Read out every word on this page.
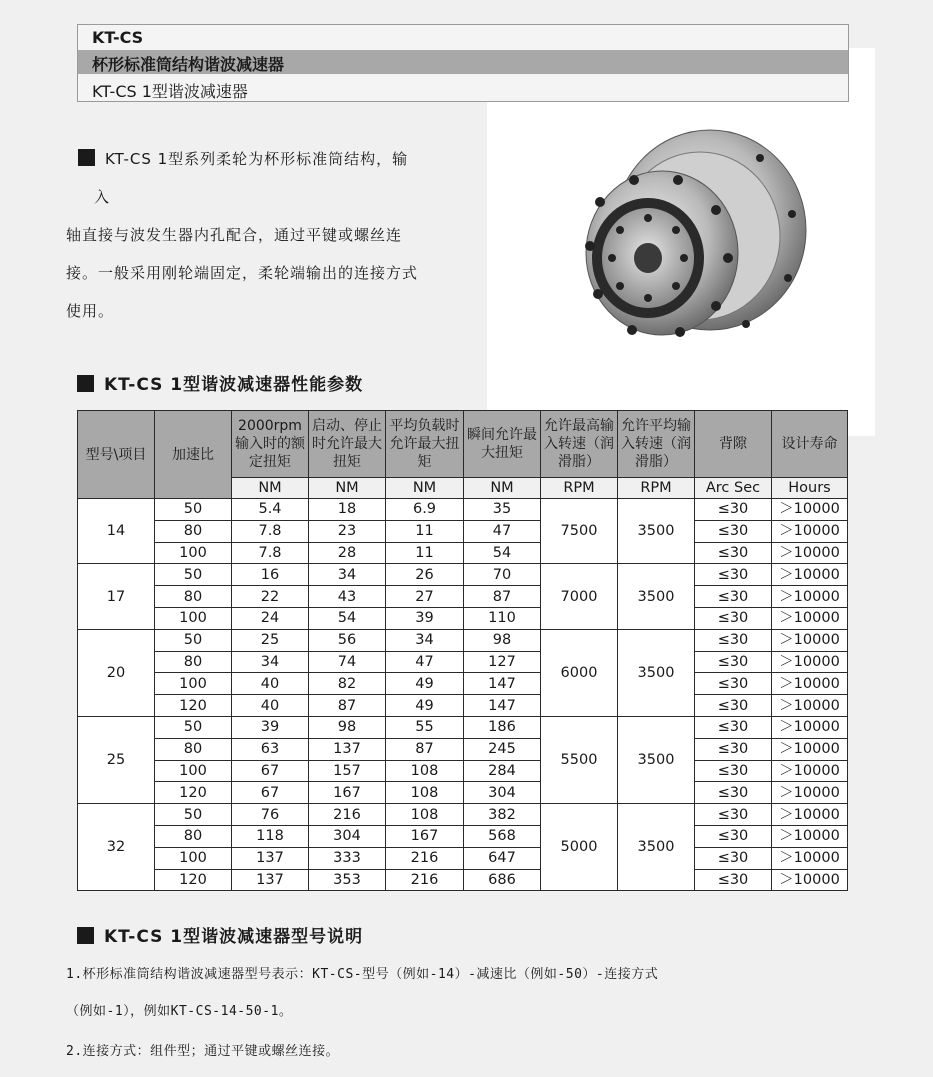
KT-CS
杯形标准筒结构谐波减速器
KT-CS 1型谐波减速器
KT-CS 1型系列柔轮为杯形标准筒结构，输
入
轴直接与波发生器内孔配合，通过平键或螺丝连
接。一般采用刚轮端固定，柔轮端输出的连接方式
使用。
KT-CS 1型谐波减速器性能参数
型号\项目	加速比	2000rpm输入时的额定扭矩	启动、停止时允许最大扭矩	平均负载时允许最大扭矩	瞬间允许最大扭矩	允许最高输入转速（润滑脂）	允许平均输入转速（润滑脂）	背隙	设计寿命
		NM	NM	NM	NM	RPM	RPM	Arc Sec	Hours
14	50	5.4	18	6.9	35	7500	3500	≤30	＞10000
	80	7.8	23	11	47			≤30	＞10000
	100	7.8	28	11	54			≤30	＞10000
17	50	16	34	26	70	7000	3500	≤30	＞10000
	80	22	43	27	87			≤30	＞10000
	100	24	54	39	110			≤30	＞10000
20	50	25	56	34	98	6000	3500	≤30	＞10000
	80	34	74	47	127			≤30	＞10000
	100	40	82	49	147			≤30	＞10000
	120	40	87	49	147			≤30	＞10000
25	50	39	98	55	186	5500	3500	≤30	＞10000
	80	63	137	87	245			≤30	＞10000
	100	67	157	108	284			≤30	＞10000
	120	67	167	108	304			≤30	＞10000
32	50	76	216	108	382	5000	3500	≤30	＞10000
	80	118	304	167	568			≤30	＞10000
	100	137	333	216	647			≤30	＞10000
	120	137	353	216	686			≤30	＞10000
KT-CS 1型谐波减速器型号说明
1.杯形标准筒结构谐波减速器型号表示：KT-CS-型号（例如-14）-减速比（例如-50）-连接方式
（例如-1），例如KT-CS-14-50-1。
2.连接方式：组件型；通过平键或螺丝连接。
